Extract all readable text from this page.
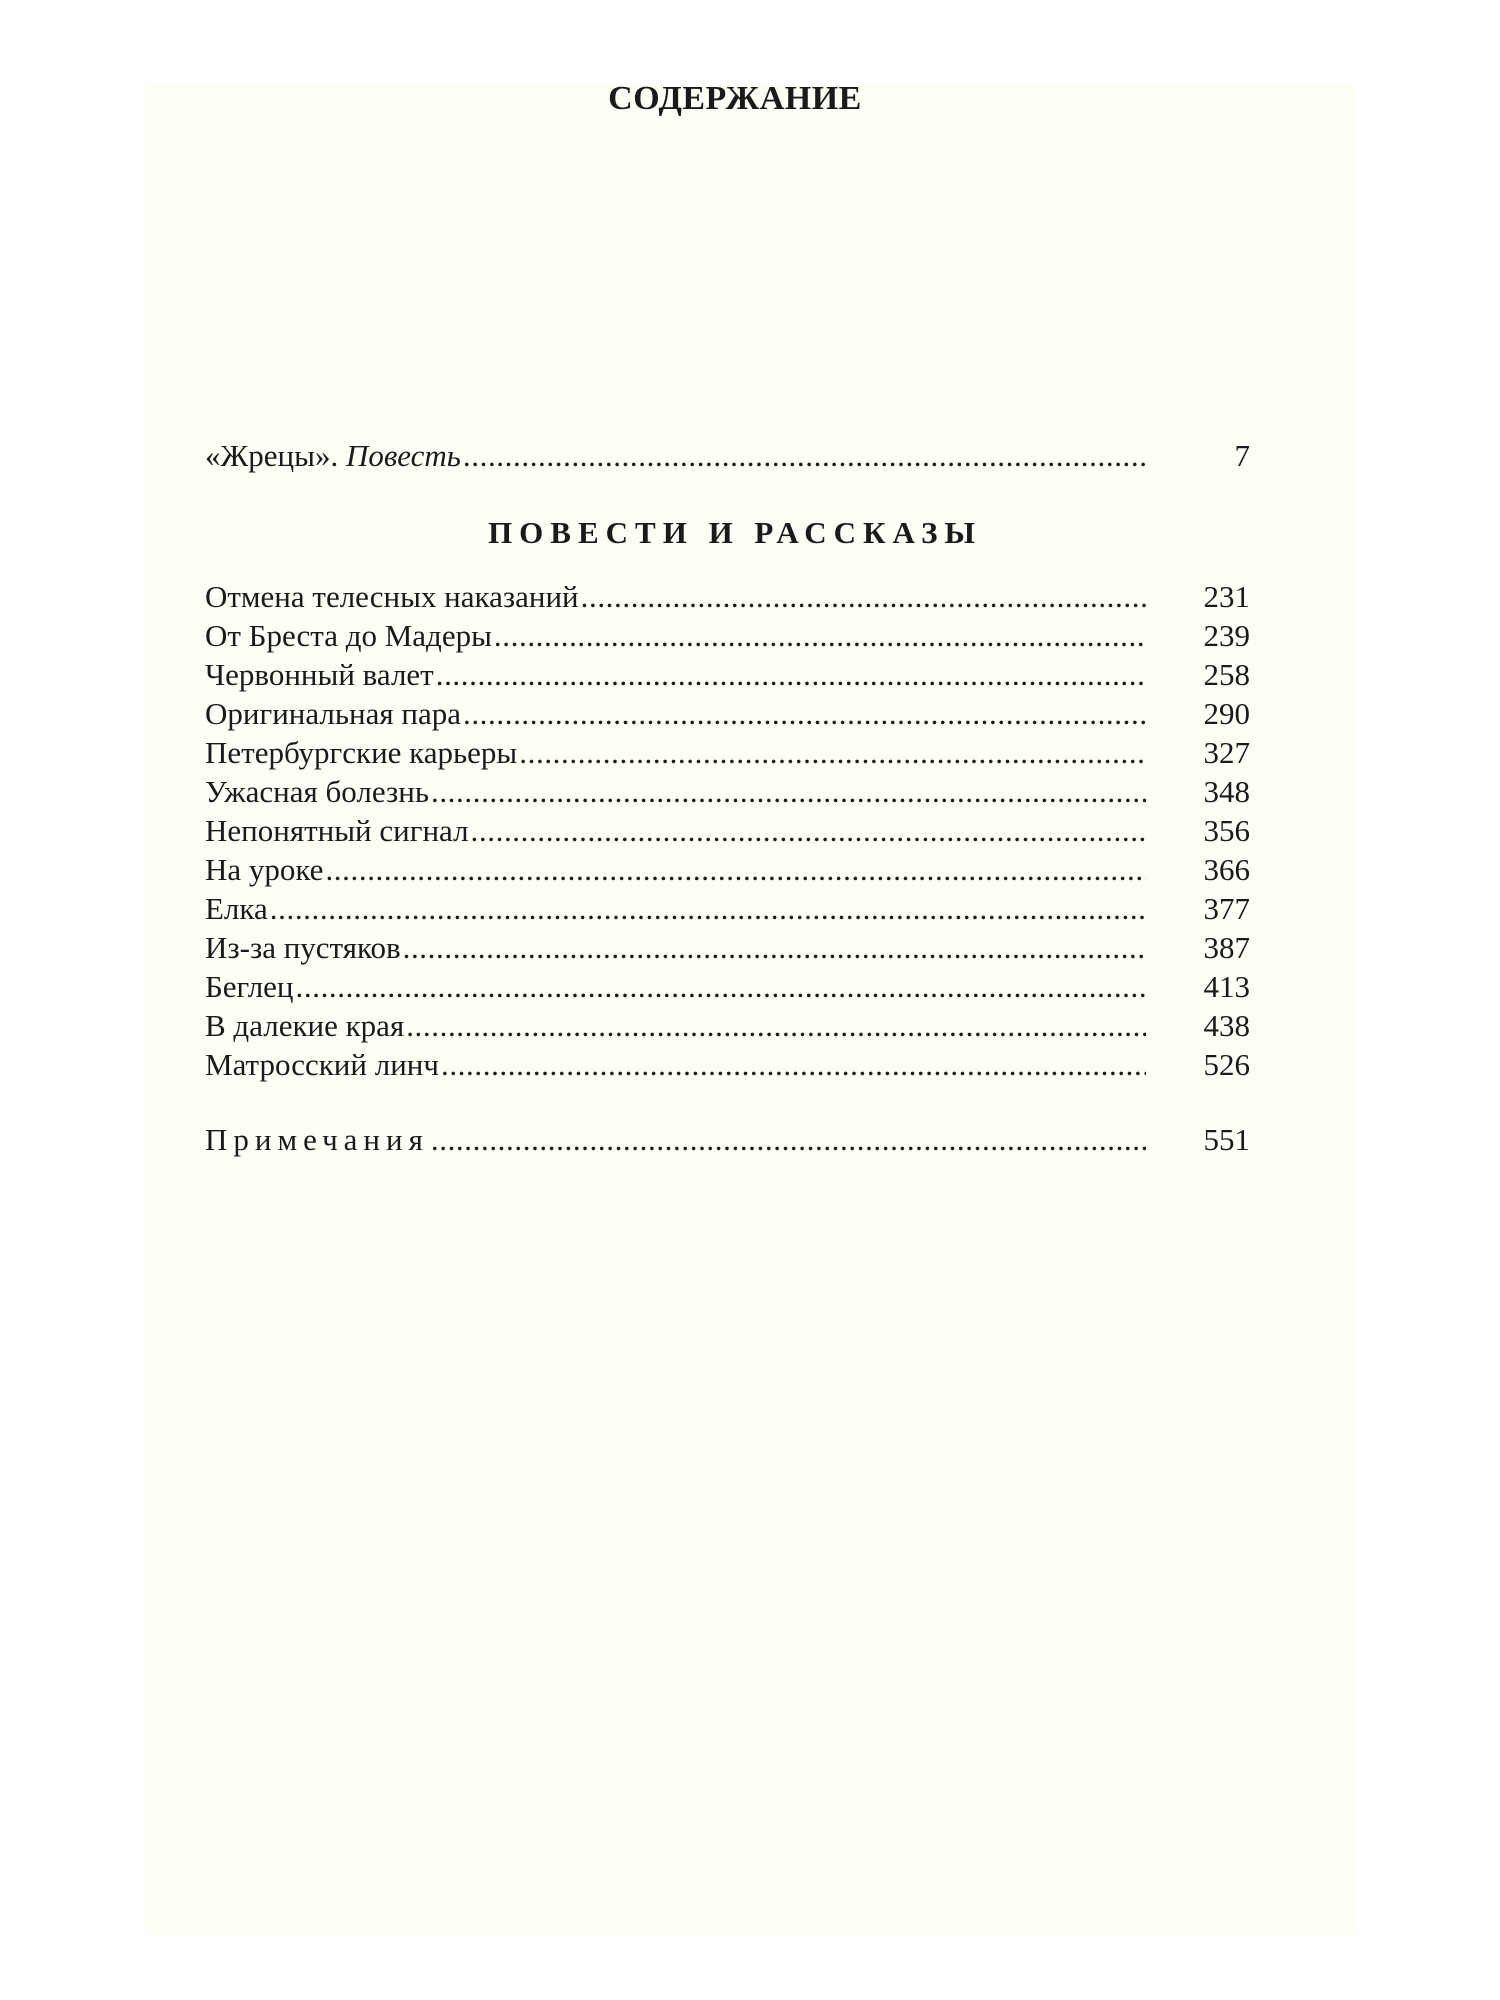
СОДЕРЖАНИЕ
«Жрецы». Повесть .....	7
ПОВЕСТИ И РАССКАЗЫ
Отмена телесных наказаний .....	231
От Бреста до Мадеры .....	239
Червонный валет .....	258
Оригинальная пара .....	290
Петербургские карьеры .....	327
Ужасная болезнь .....	348
Непонятный сигнал .....	356
На уроке .....	366
Елка .....	377
Из-за пустяков .....	387
Беглец .....	413
В далекие края .....	438
Матросский линч .....	526
Примечания .....	551
